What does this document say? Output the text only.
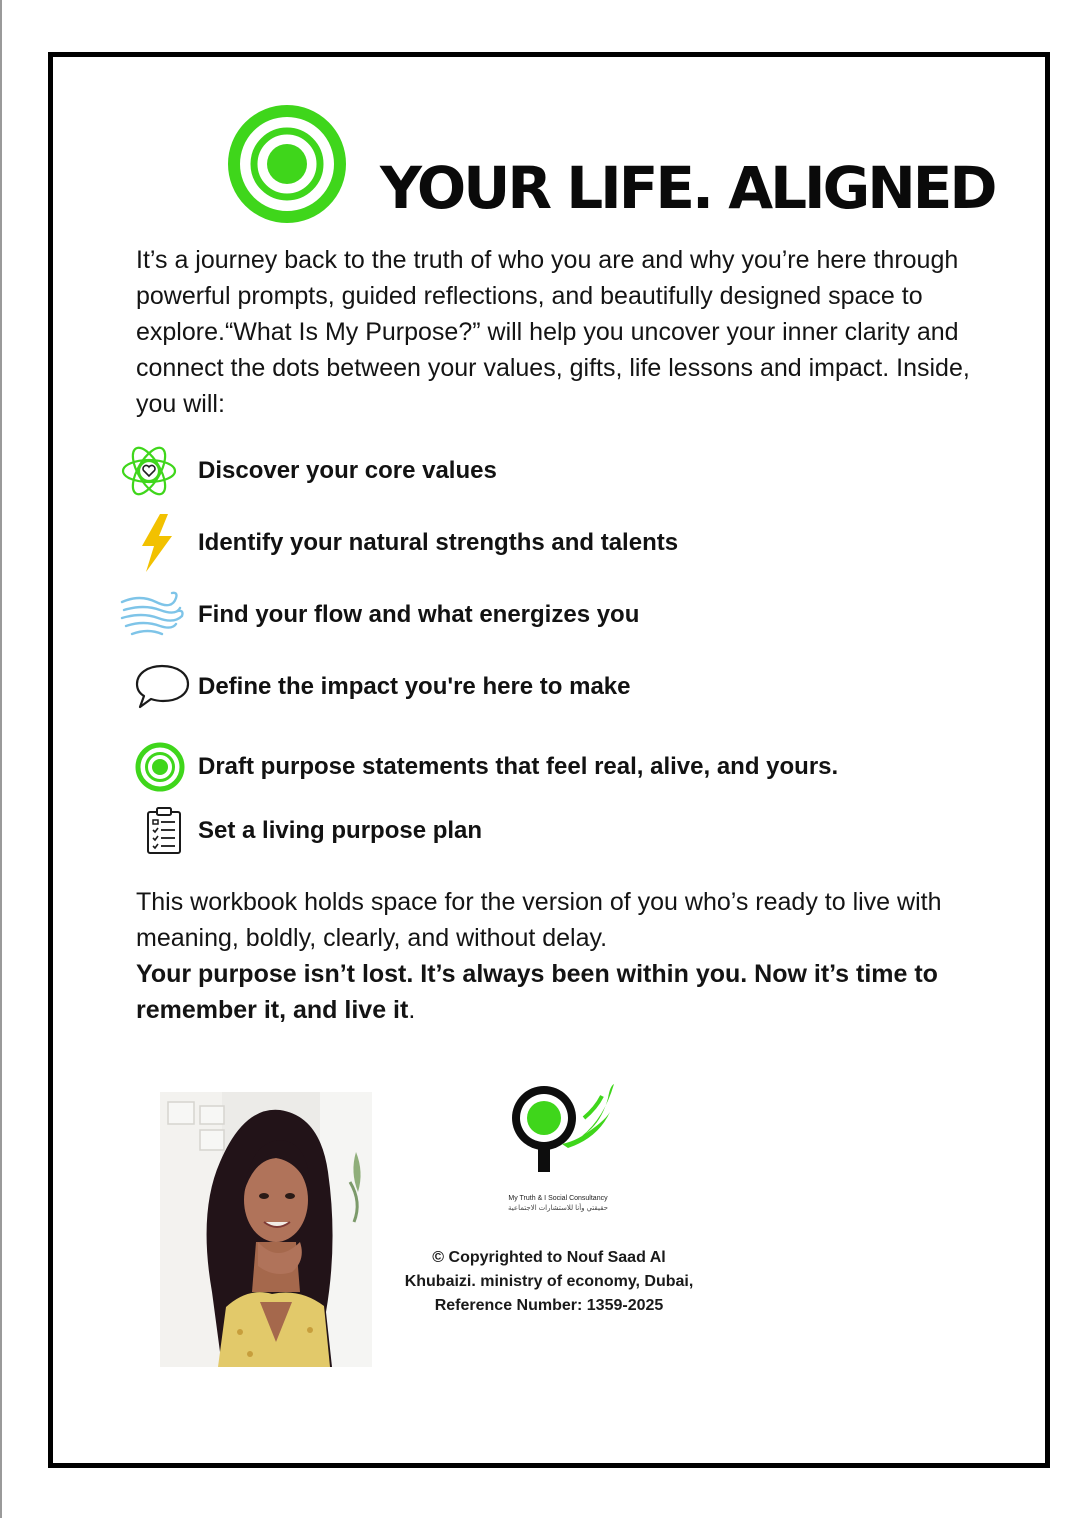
YOUR LIFE. ALIGNED

It’s a journey back to the truth of who you are and why you’re here through powerful prompts, guided reflections, and beautifully designed space to explore.“What Is My Purpose?” will help you uncover your inner clarity and connect the dots between your values, gifts, life lessons and impact. Inside, you will:

Discover your core values
Identify your natural strengths and talents
Find your flow and what energizes you
Define the impact you're here to make
Draft purpose statements that feel real, alive, and yours.
Set a living purpose plan

This workbook holds space for the version of you who’s ready to live with meaning, boldly, clearly, and without delay.
Your purpose isn’t lost. It’s always been within you. Now it’s time to remember it, and live it.

My Truth & I Social Consultancy
حقيقتي وأنا للاستشارات الاجتماعية

© Copyrighted to Nouf Saad Al Khubaizi. ministry of economy, Dubai, Reference Number: 1359-2025
